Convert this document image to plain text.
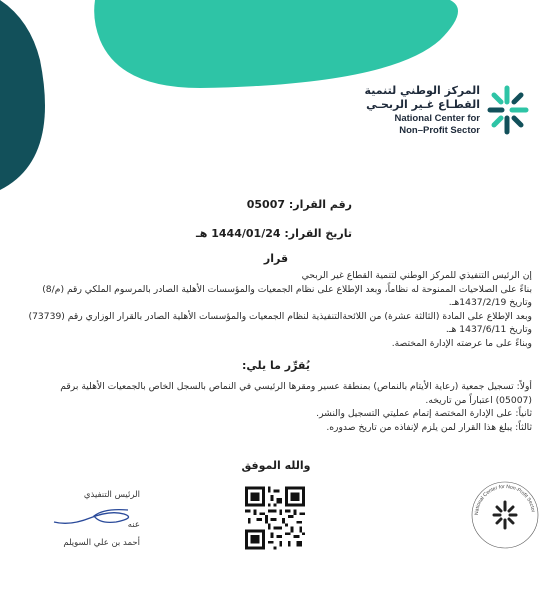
المركز الوطني لتنمية
القطـاع غـير الربحـي
National Center for
Non–Profit Sector
رقم القرار: 05007
تاريخ القرار: 1444/01/24 هـ
قرار

إن الرئيس التنفيذي للمركز الوطني لتنمية القطاع غير الربحي

بناءً على الصلاحيات الممنوحة له نظاماً، وبعد الإطلاع على نظام الجمعيات والمؤسسات الأهلية الصادر بالمرسوم الملكي رقم (م/8) وتاريخ 1437/2/19هـ.

وبعد الإطلاع على المادة (الثالثة عشرة) من اللائحةالتنفيذية لنظام الجمعيات والمؤسسات الأهلية الصادر بالقرار الوزاري رقم (73739) وتاريخ 1437/6/11 هـ.

وبناءً على ما عرضته الإدارة المختصة.

يُقرِّر ما يلي:

أولاً: تسجيل جمعية (رعاية الأيتام بالنماص) بمنطقة عسير ومقرها الرئيسي في النماص بالسجل الخاص بالجمعيات الأهلية برقم (05007) اعتباراً من تاريخه.

ثانياً: على الإدارة المختصة إتمام عمليتي التسجيل والنشر.

ثالثاً: يبلغ هذا القرار لمن يلزم لإنفاذه من تاريخ صدوره.

والله الموفق
الرئيس التنفيذي
عنه
أحمد بن علي السويلم
National Center for Non-Profit Sector
